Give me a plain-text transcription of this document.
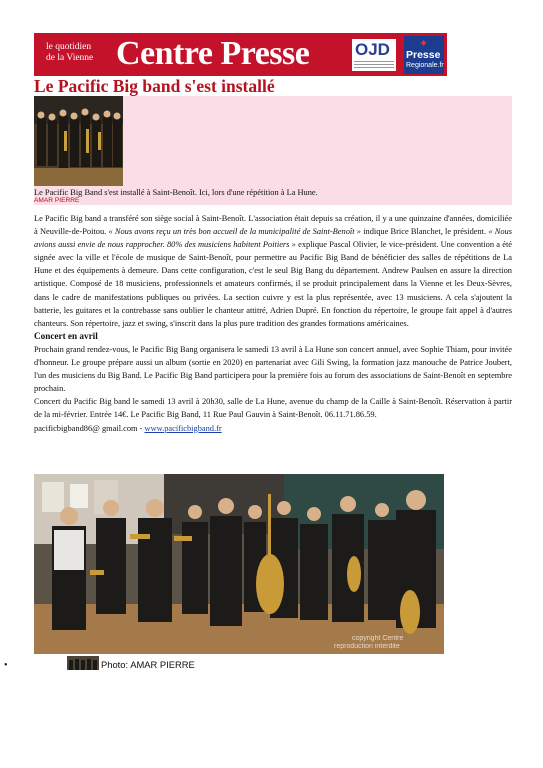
le quotidien
de la Vienne Centre Presse	OJD	✦
Presse
Regionale.fr
Le Pacific Big band s'est installé
Le Pacific Big Band s'est installé à Saint-Benoît. Ici, lors d'une répétition à La Hune.
AMAR PIERRE

Le Pacific Big band a transféré son siège social à Saint-Benoît. L'association était depuis sa création, il y a une quinzaine d'années, domiciliée à Neuville-de-Poitou. « Nous avons reçu un très bon accueil de la municipalité de Saint-Benoît » indique Brice Blanchet, le président. « Nous avions aussi envie de nous rapprocher. 80% des musiciens habitent Poitiers » explique Pascal Olivier, le vice-président. Une convention a été signée avec la ville et l'école de musique de Saint-Benoît, pour permettre au Pacific Big Band de bénéficier des salles de répétitions de La Hune et des équipements à demeure. Dans cette configuration, c'est le seul Big Bang du département. Andrew Paulsen en assure la direction artistique. Composé de 18 musiciens, professionnels et amateurs confirmés, il se produit principalement dans la Vienne et les Deux-Sèvres, dans le cadre de manifestations publiques ou privées. La section cuivre y est la plus représentée, avec 13 musiciens. A cela s'ajoutent la batterie, les guitares et la contrebasse sans oublier le chanteur attitré, Adrien Dupré. En fonction du répertoire, le groupe fait appel à d'autres chanteurs. Son répertoire, jazz et swing, s'inscrit dans la plus pure tradition des grandes formations américaines.

Concert en avril

Prochain grand rendez-vous, le Pacific Big Bang organisera le samedi 13 avril à La Hune son concert annuel, avec Sophie Thiam, pour invitée d'honneur. Le groupe prépare aussi un album (sortie en 2020) en partenariat avec Gili Swing, la formation jazz manouche de Patrice Joubert, l'un des musiciens du Big Band. Le Pacific Big Band participera pour la première fois au forum des associations de Saint-Benoît en septembre prochain.

Concert du Pacific Big band le samedi 13 avril à 20h30, salle de La Hune, avenue du champ de la Caille à Saint-Benoît. Réservation à partir de la mi-février. Entrée 14€. Le Pacific Big Band, 11 Rue Paul Gauvin à Saint-Benoît. 06.11.71.86.59.

pacificbigband86@ gmail.com - www.pacificbigband.fr

copyright Centre
reproduction interdite
•	Photo: AMAR PIERRE
